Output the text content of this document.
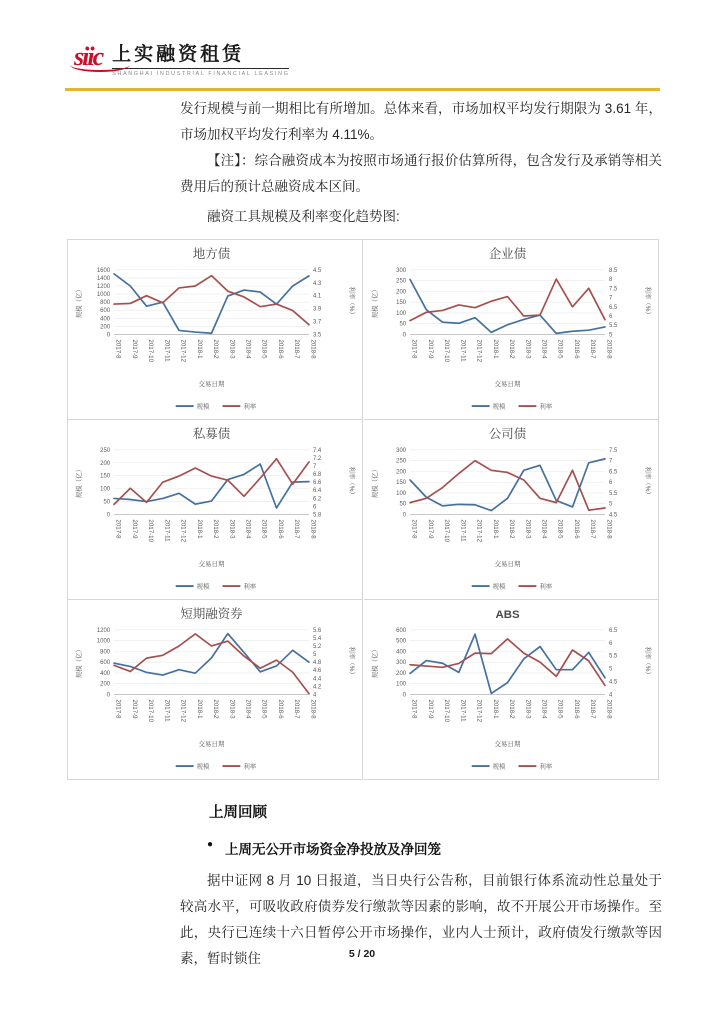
siic 上实融资租赁
SHANGHAI INDUSTRIAL FINANCIAL LEASING

发行规模与前一期相比有所增加。总体来看，市场加权平均发行期限为 3.61 年，市场加权平均发行利率为 4.11%。

【注】：综合融资成本为按照市场通行报价估算所得，包含发行及承销等相关费用后的预计总融资成本区间。

融资工具规模及利率变化趋势图:

地方债
0
200
400
600
800
1000
1200
1400
1600
3.5
3.7
3.9
4.1
4.3
4.5
2017-8 2017-9 2017-10 2017-11 2017-12 2018-1 2018-2 2018-3 2018-4 2018-5 2018-6 2018-7 2018-8
交易日期
规模（亿）	利率（%）
规模	利率
企业债
0
50
100
150
200
250
300
5
5.5
6
6.5
7
7.5
8
8.5
2017-8 2017-9 2017-10 2017-11 2017-12 2018-1 2018-2 2018-3 2018-4 2018-5 2018-6 2018-7 2018-8
交易日期
规模（亿）	利率（%）
规模	利率
私募债
0
50
100
150
200
250
5.8
6
6.2
6.4
6.6
6.8
7
7.2
7.4
2017-8 2017-9 2017-10 2017-11 2017-12 2018-1 2018-2 2018-3 2018-4 2018-5 2018-6 2018-7 2018-8
交易日期
规模（亿）	利率（%）
规模	利率
公司债
0
50
100
150
200
250
300
4.5
5
5.5
6
6.5
7
7.5
2017-8 2017-9 2017-10 2017-11 2017-12 2018-1 2018-2 2018-3 2018-4 2018-5 2018-6 2018-7 2018-8
交易日期
规模（亿）	利率（%）
规模	利率
短期融资券
0
200
400
600
800
1000
1200
4
4.2
4.4
4.6
4.8
5
5.2
5.4
5.6
2017-8 2017-9 2017-10 2017-11 2017-12 2018-1 2018-2 2018-3 2018-4 2018-5 2018-6 2018-7 2018-8
交易日期
规模（亿）	利率（%）
规模	利率
ABS
0
100
200
300
400
500
600
4
4.5
5
5.5
6
6.5
2017-8 2017-9 2017-10 2017-11 2017-12 2018-1 2018-2 2018-3 2018-4 2018-5 2018-6 2018-7 2018-8
交易日期
规模（亿）	利率（%）
规模	利率
上周回顾
● 上周无公开市场资金净投放及净回笼

据中证网 8 月 10 日报道，当日央行公告称，目前银行体系流动性总量处于较高水平，可吸收政府债券发行缴款等因素的影响，故不开展公开市场操作。至此，央行已连续十六日暂停公开市场操作，业内人士预计，政府债发行缴款等因素，暂时锁住	5 / 20
